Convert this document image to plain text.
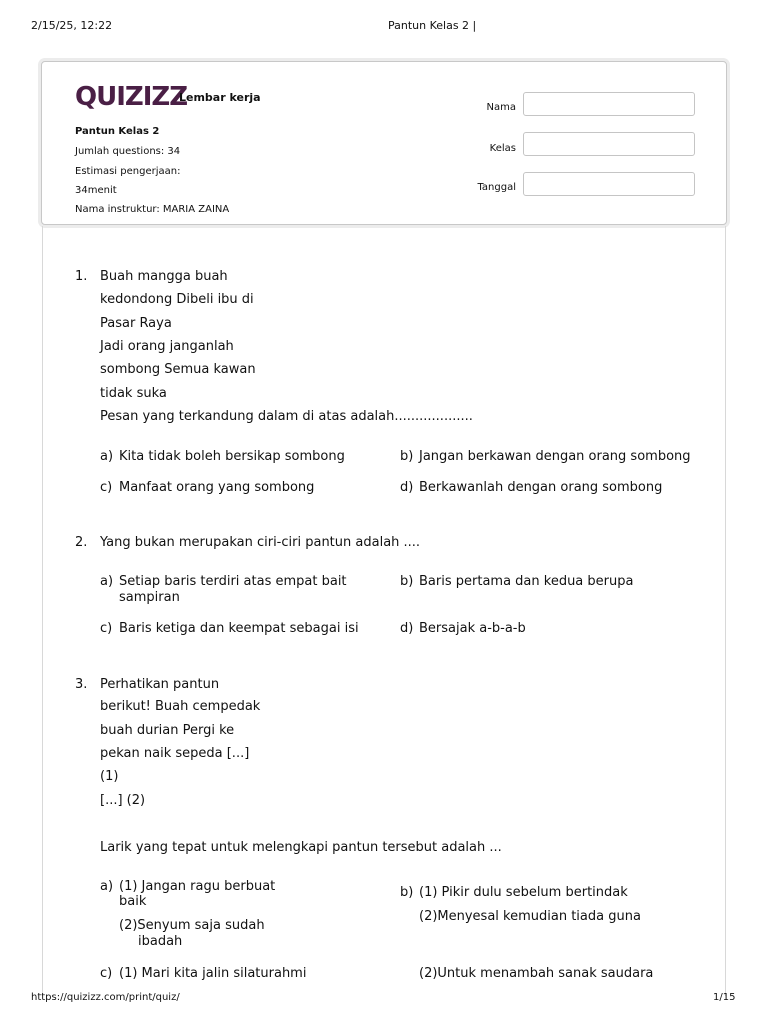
2/15/25, 12:22	Pantun Kelas 2 |
QUIZIZZ
Lembar kerja
Pantun Kelas 2
Jumlah questions: 34
Estimasi pengerjaan:
34menit
Nama instruktur: MARIA ZAINA
Nama
Kelas
Tanggal
1. Buah mangga buah
kedondong Dibeli ibu di
Pasar Raya
Jadi orang janganlah
sombong Semua kawan
tidak suka
Pesan yang terkandung dalam di atas adalah...................
a) Kita tidak boleh bersikap sombong	b) Jangan berkawan dengan orang sombong
c) Manfaat orang yang sombong	d) Berkawanlah dengan orang sombong
2. Yang bukan merupakan ciri-ciri pantun adalah ....
a) Setiap baris terdiri atas empat bait
sampiran
b) Baris pertama dan kedua berupa
c) Baris ketiga dan keempat sebagai isi	d) Bersajak a-b-a-b
3. Perhatikan pantun
berikut! Buah cempedak
buah durian Pergi ke
pekan naik sepeda [...]
(1)
[...] (2)
Larik yang tepat untuk melengkapi pantun tersebut adalah ...
a) (1) Jangan ragu berbuat
baik
(2)Senyum saja sudah
ibadah
b) (1) Pikir dulu sebelum bertindak
(2)Menyesal kemudian tiada guna
c) (1) Mari kita jalin silaturahmi	(2)Untuk menambah sanak saudara
https://quizizz.com/print/quiz/	1/15
